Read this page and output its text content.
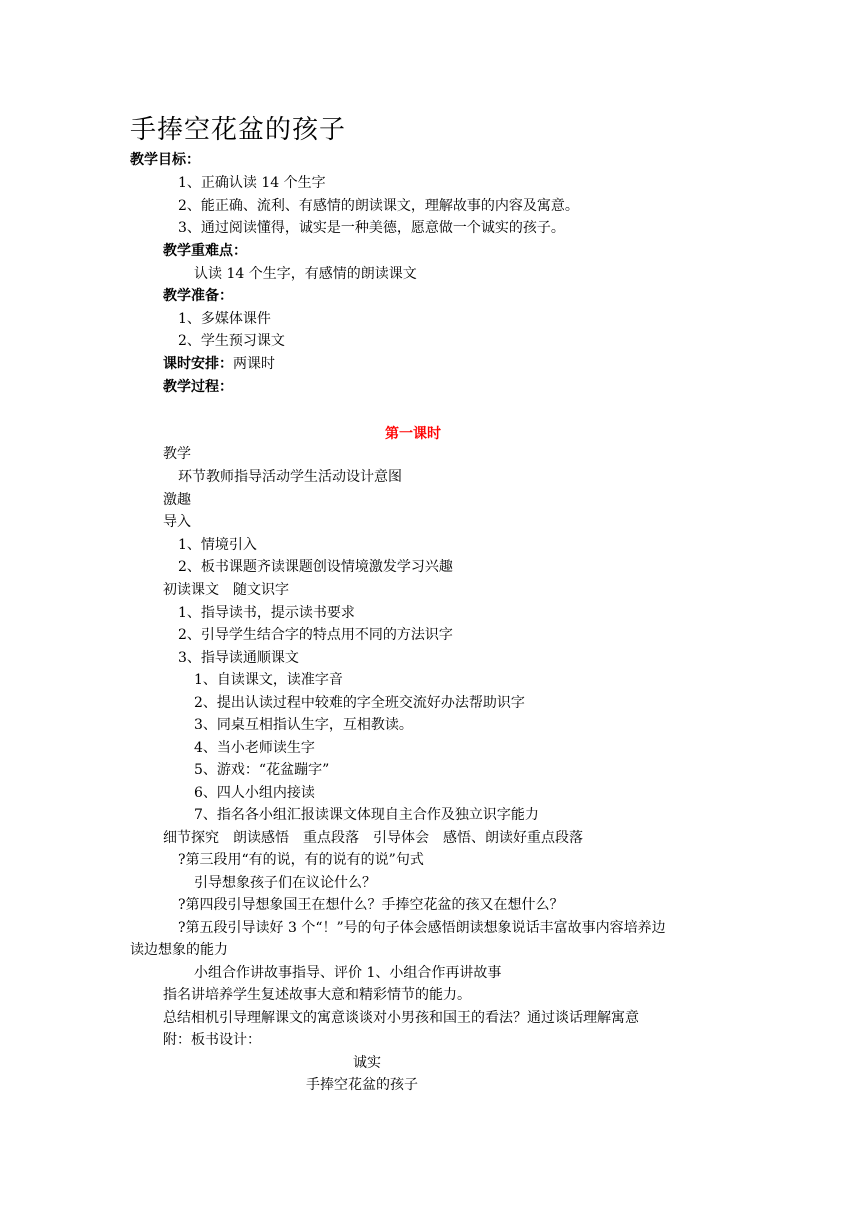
手捧空花盆的孩子
教学目标：
1、正确认读 14 个生字
2、能正确、流利、有感情的朗读课文，理解故事的内容及寓意。
3、通过阅读懂得，诚实是一种美德，愿意做一个诚实的孩子。
教学重难点：
认读 14 个生字，有感情的朗读课文
教学准备：
1、多媒体课件
2、学生预习课文
课时安排：两课时
教学过程：
第一课时
教学
环节教师指导活动学生活动设计意图
激趣
导入
1、情境引入
2、板书课题齐读课题创设情境激发学习兴趣
初读课文　随文识字
1、指导读书，提示读书要求
2、引导学生结合字的特点用不同的方法识字
3、指导读通顺课文
1、自读课文，读准字音
2、提出认读过程中较难的字全班交流好办法帮助识字
3、同桌互相指认生字，互相教读。
4、当小老师读生字
5、游戏：“花盆蹦字”
6、四人小组内接读
7、指名各小组汇报读课文体现自主合作及独立识字能力
细节探究　朗读感悟　重点段落　引导体会　感悟、朗读好重点段落
?第三段用“有的说，有的说有的说”句式
引导想象孩子们在议论什么？
?第四段引导想象国王在想什么？手捧空花盆的孩又在想什么？
?第五段引导读好 3 个“！”号的句子体会感悟朗读想象说话丰富故事内容培养边
读边想象的能力
小组合作讲故事指导、评价 1、小组合作再讲故事
指名讲培养学生复述故事大意和精彩情节的能力。
总结相机引导理解课文的寓意谈谈对小男孩和国王的看法？通过谈话理解寓意
附：板书设计：
诚实
手捧空花盆的孩子
